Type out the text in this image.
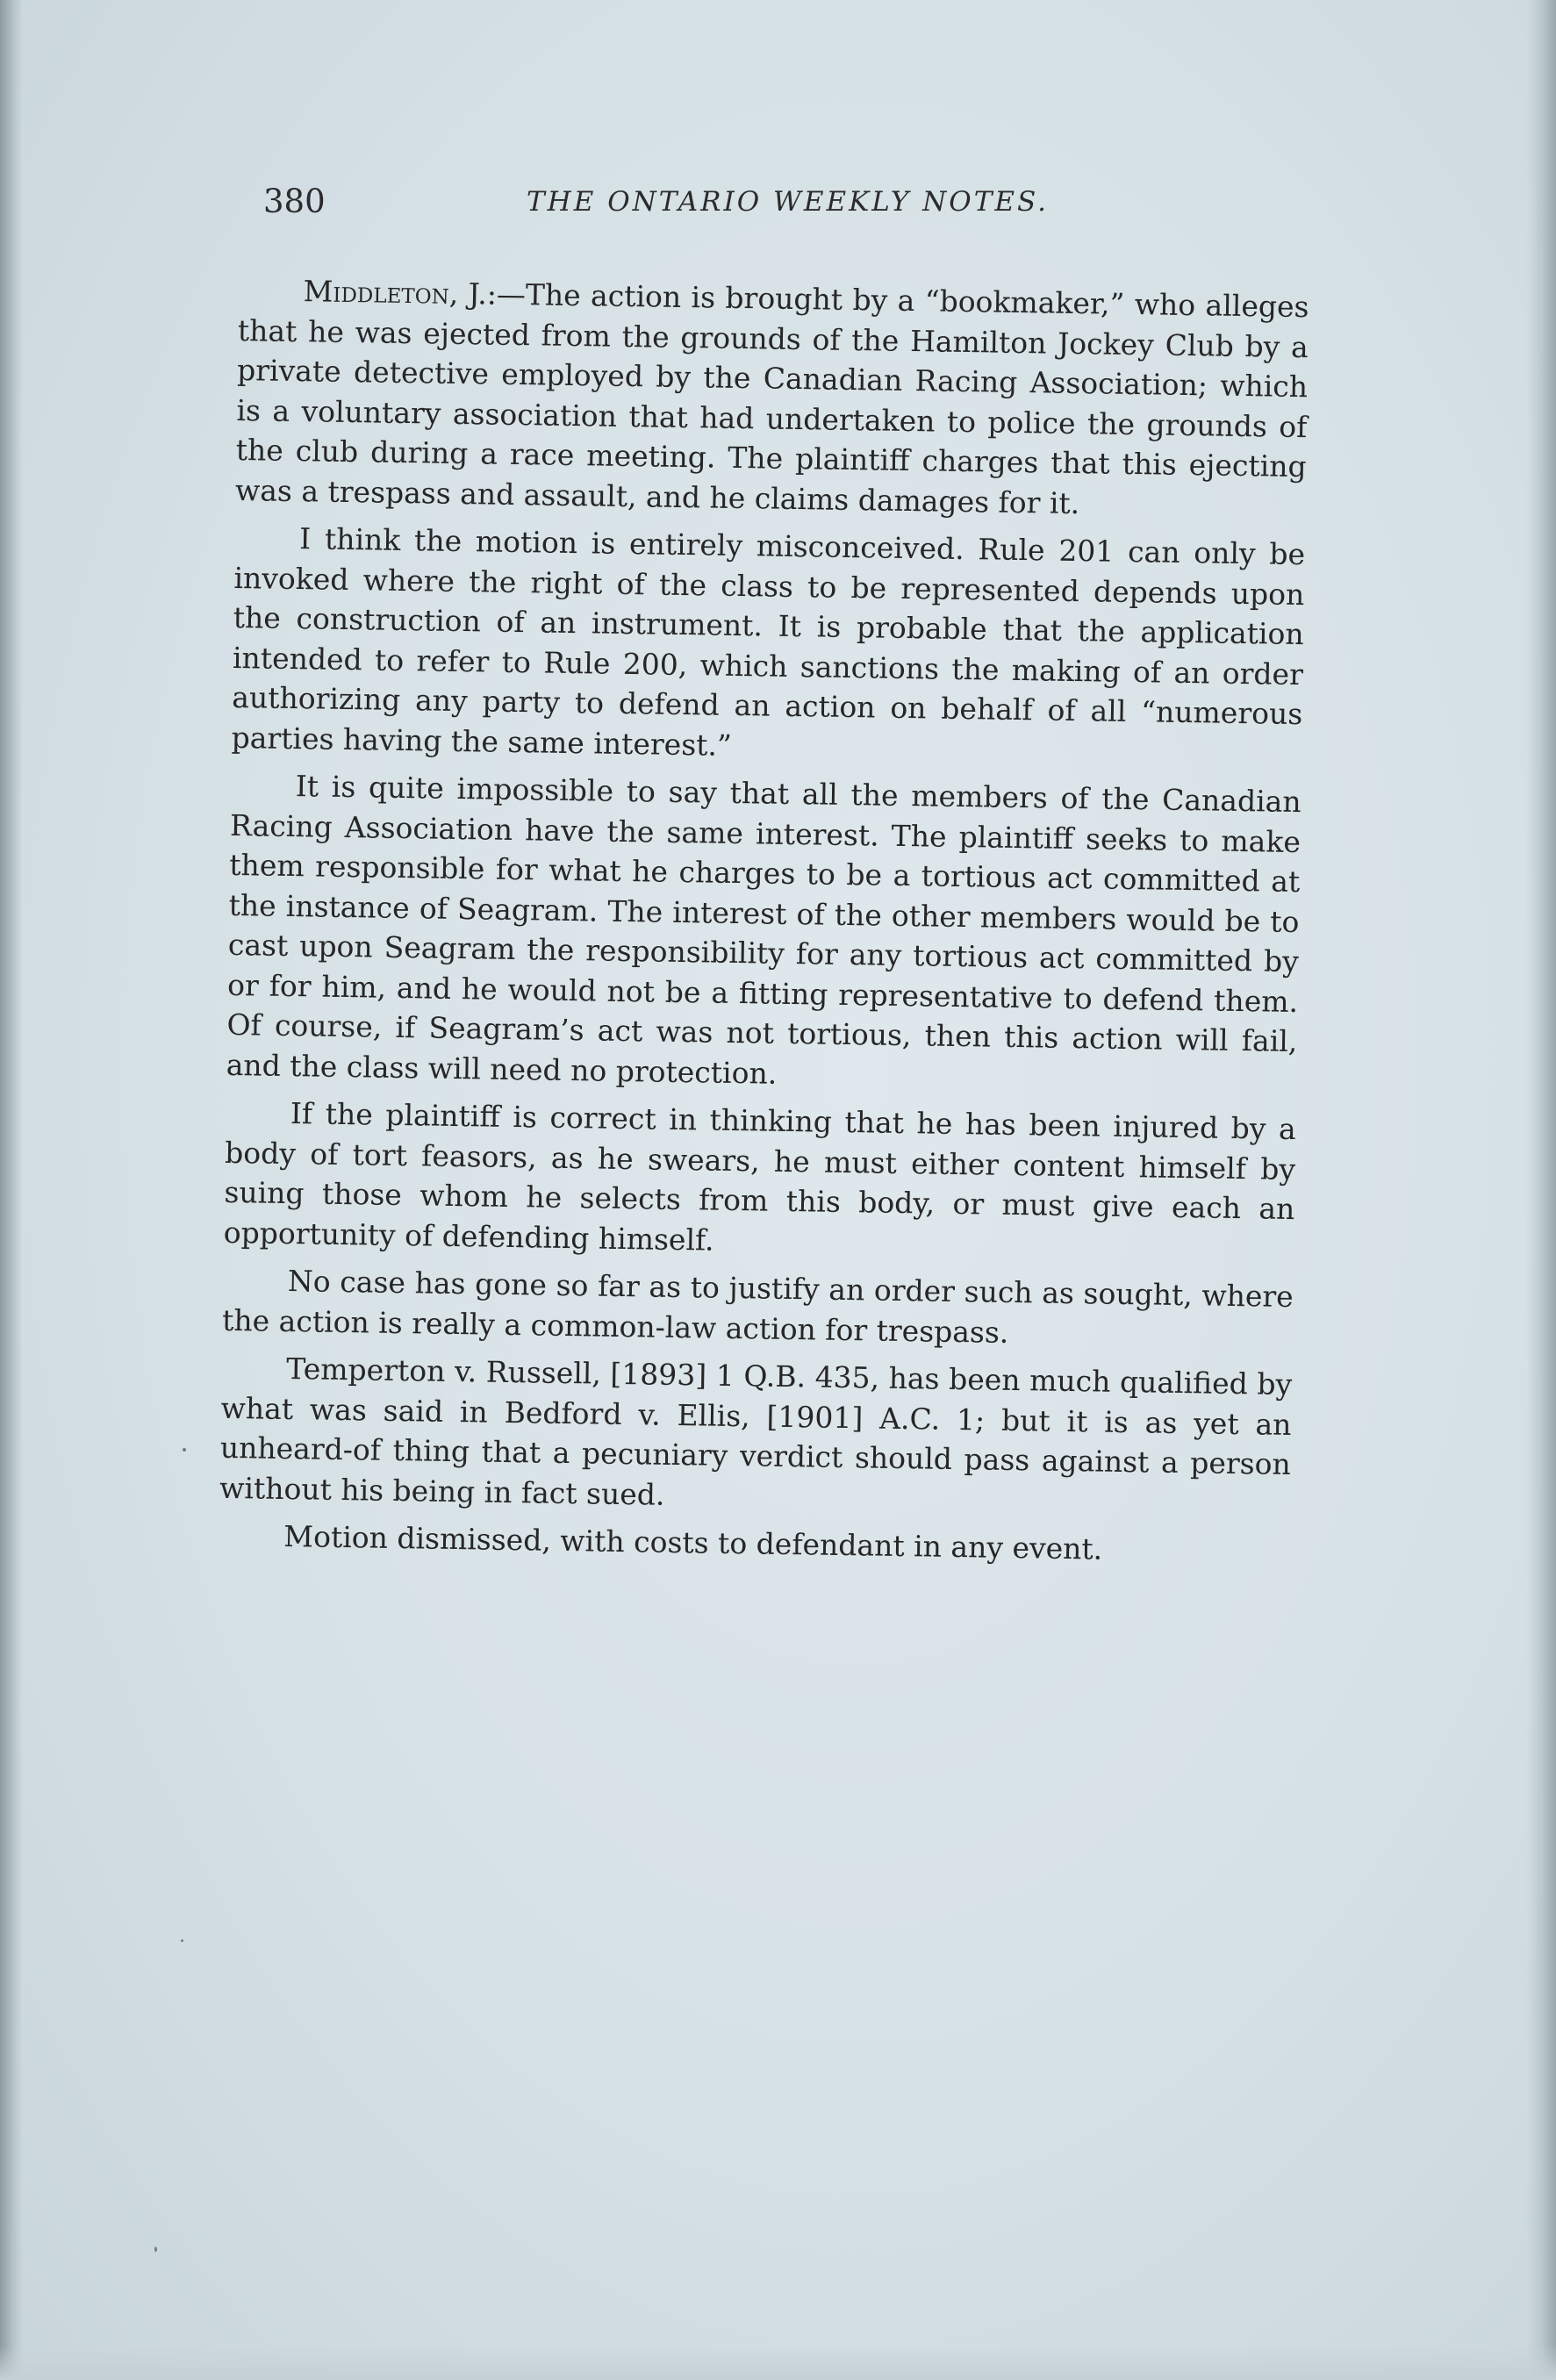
380	THE ONTARIO WEEKLY NOTES.

Middleton, J.:—The action is brought by a “bookmaker,” who alleges that he was ejected from the grounds of the Hamilton Jockey Club by a private detective employed by the Canadian Racing Association; which is a voluntary association that had undertaken to police the grounds of the club during a race meeting. The plaintiff charges that this ejecting was a trespass and assault, and he claims damages for it.

I think the motion is entirely misconceived. Rule 201 can only be invoked where the right of the class to be represented depends upon the construction of an instrument. It is probable that the application intended to refer to Rule 200, which sanctions the making of an order authorizing any party to defend an action on behalf of all “numerous parties having the same interest.”

It is quite impossible to say that all the members of the Canadian Racing Association have the same interest. The plaintiff seeks to make them responsible for what he charges to be a tortious act committed at the instance of Seagram. The interest of the other members would be to cast upon Seagram the responsibility for any tortious act committed by or for him, and he would not be a fitting representative to defend them. Of course, if Seagram’s act was not tortious, then this action will fail, and the class will need no protection.

If the plaintiff is correct in thinking that he has been injured by a body of tort feasors, as he swears, he must either content himself by suing those whom he selects from this body, or must give each an opportunity of defending himself.

No case has gone so far as to justify an order such as sought, where the action is really a common-law action for trespass.

Temperton v. Russell, [1893] 1 Q.B. 435, has been much qualified by what was said in Bedford v. Ellis, [1901] A.C. 1; but it is as yet an unheard-of thing that a pecuniary verdict should pass against a person without his being in fact sued.

Motion dismissed, with costs to defendant in any event.
